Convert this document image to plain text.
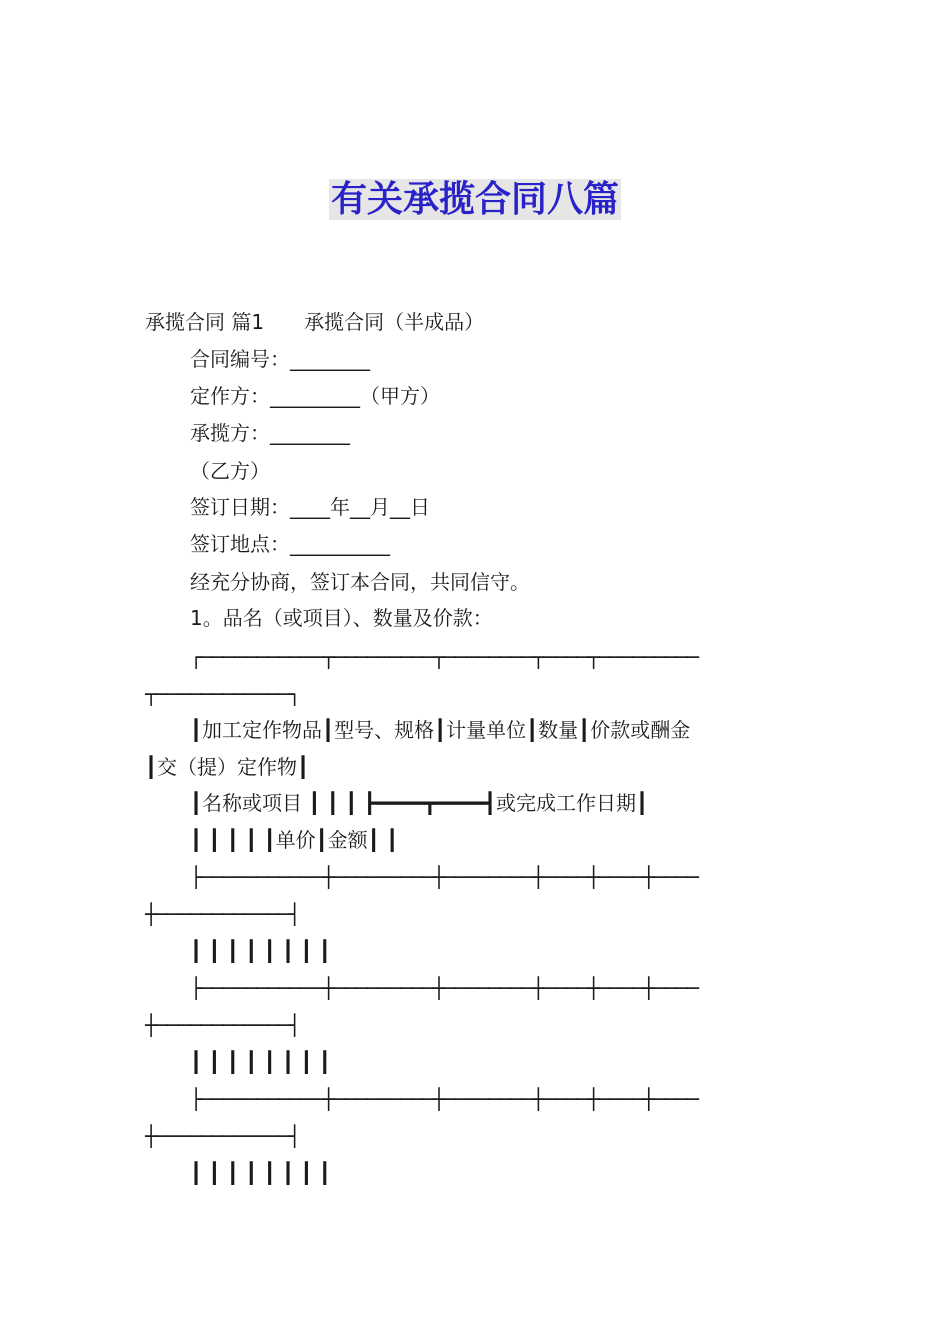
有关承揽合同八篇
承揽合同 篇1　　承揽合同（半成品）
合同编号：________
定作方：_________（甲方）
承揽方：________
（乙方）
签订日期：____年__月__日
签订地点：__________
经充分协商，签订本合同，共同信守。
1。品名（或项目）、数量及价款：
┌───────────┬─────────┬────────┬────┬─────────
┬────────────┐
┃加工定作物品┃型号、规格┃计量单位┃数量┃价款或酬金
┃交（提）定作物┃
┃名称或项目 ┃ ┃ ┃ ┣━━━━┳━━━━┫或完成工作日期┃
┃ ┃ ┃ ┃ ┃单价┃金额┃ ┃
├───────────┼─────────┼────────┼────┼────┼────
┼────────────┤
┃ ┃ ┃ ┃ ┃ ┃ ┃ ┃
├───────────┼─────────┼────────┼────┼────┼────
┼────────────┤
┃ ┃ ┃ ┃ ┃ ┃ ┃ ┃
├───────────┼─────────┼────────┼────┼────┼────
┼────────────┤
┃ ┃ ┃ ┃ ┃ ┃ ┃ ┃
